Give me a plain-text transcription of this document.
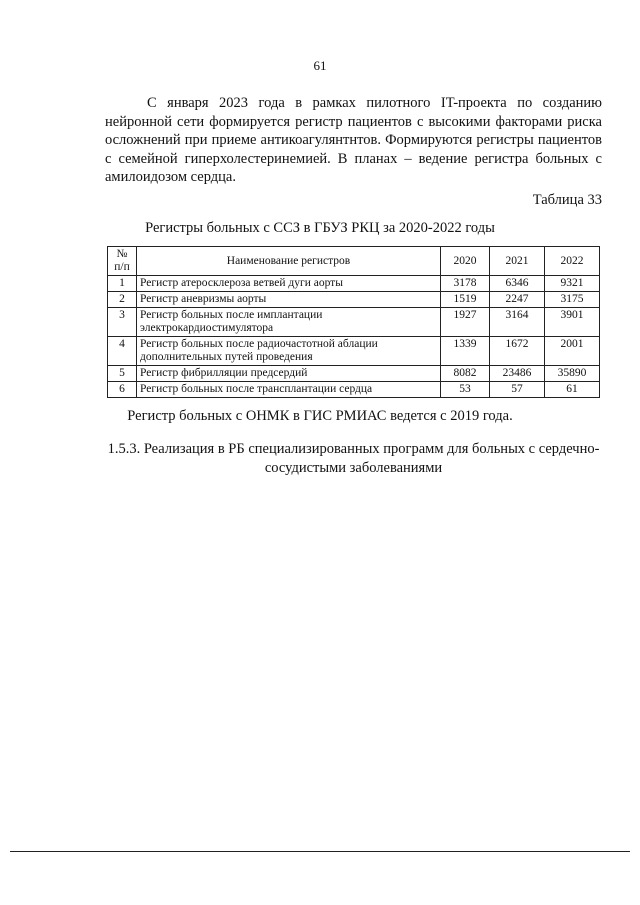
61

С января 2023 года в рамках пилотного IT-проекта по созданию нейронной сети формируется регистр пациентов с высокими факторами риска осложнений при приеме антикоагулянтнтов. Формируются регистры пациентов с семейной гиперхолестеринемией. В планах – ведение регистра больных с амилоидозом сердца.

Таблица 33
Регистры больных с ССЗ в ГБУЗ РКЦ за 2020-2022 годы
№ п/п	Наименование регистров	2020	2021	2022
1	Регистр атеросклероза ветвей дуги аорты	3178	6346	9321
2	Регистр аневризмы аорты	1519	2247	3175
3	Регистр больных после имплантации электрокардиостимулятора	1927	3164	3901
4	Регистр больных после радиочастотной аблации дополнительных путей проведения	1339	1672	2001
5	Регистр фибрилляции предсердий	8082	23486	35890
6	Регистр больных после трансплантации сердца	53	57	61
Регистр больных с ОНМК в ГИС РМИАС ведется с 2019 года.
1.5.3. Реализация в РБ специализированных программ для больных с сердечно-сосудистыми заболеваниями
